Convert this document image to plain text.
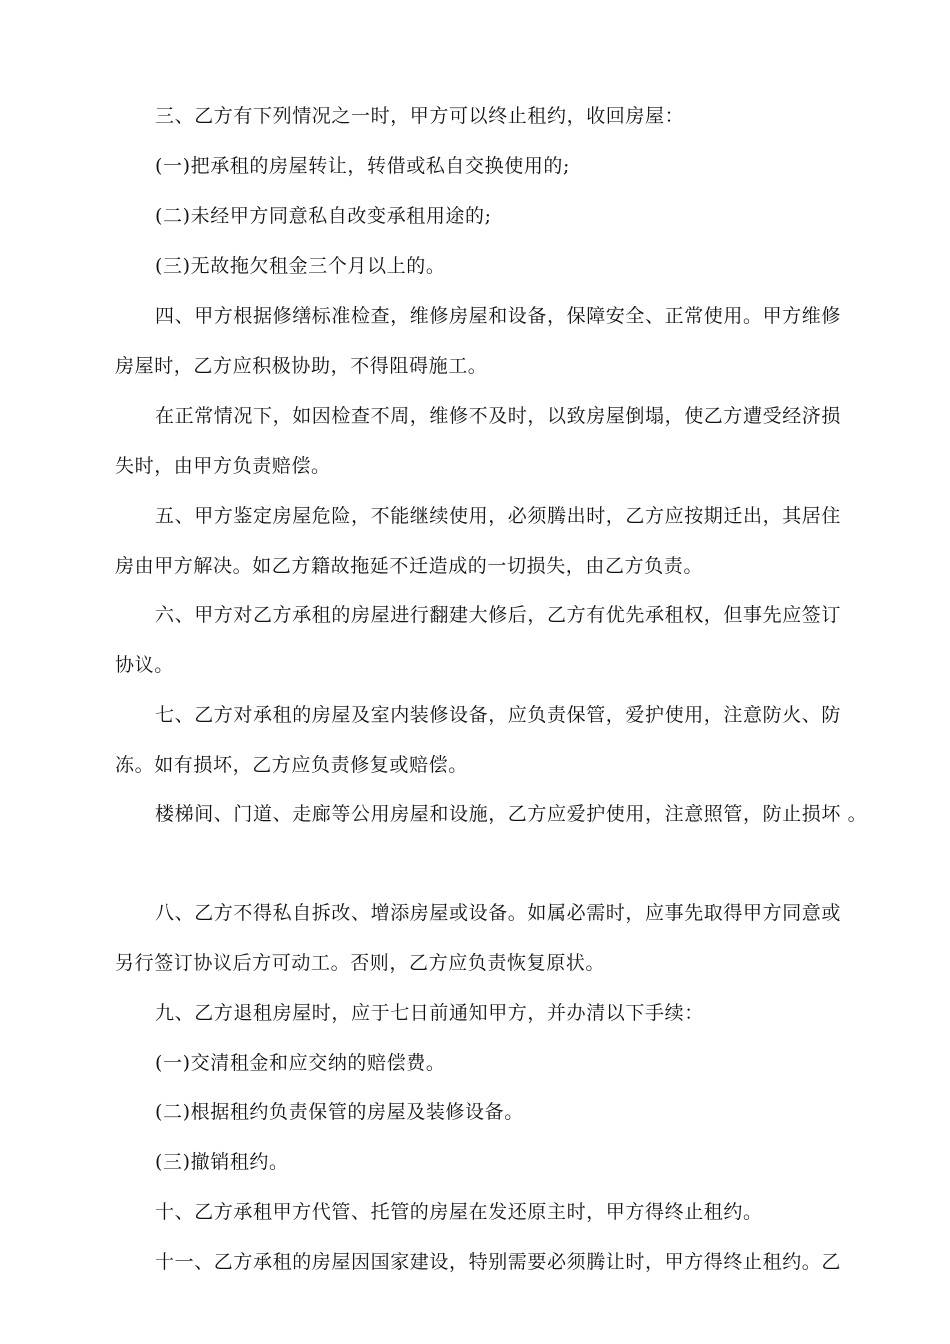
三、乙方有下列情况之一时，甲方可以终止租约，收回房屋：
(一)把承租的房屋转让，转借或私自交换使用的;
(二)未经甲方同意私自改变承租用途的;
(三)无故拖欠租金三个月以上的。
四、甲方根据修缮标准检查，维修房屋和设备，保障安全、正常使用。甲方维修
房屋时，乙方应积极协助，不得阻碍施工。
在正常情况下，如因检查不周，维修不及时，以致房屋倒塌，使乙方遭受经济损
失时，由甲方负责赔偿。
五、甲方鉴定房屋危险，不能继续使用，必须腾出时，乙方应按期迁出，其居住
房由甲方解决。如乙方籍故拖延不迁造成的一切损失，由乙方负责。
六、甲方对乙方承租的房屋进行翻建大修后，乙方有优先承租权，但事先应签订
协议。
七、乙方对承租的房屋及室内装修设备，应负责保管，爱护使用，注意防火、防
冻。如有损坏，乙方应负责修复或赔偿。
楼梯间、门道、走廊等公用房屋和设施，乙方应爱护使用，注意照管，防止损坏 。
八、乙方不得私自拆改、增添房屋或设备。如属必需时，应事先取得甲方同意或
另行签订协议后方可动工。否则，乙方应负责恢复原状。
九、乙方退租房屋时，应于七日前通知甲方，并办清以下手续：
(一)交清租金和应交纳的赔偿费。
(二)根据租约负责保管的房屋及装修设备。
(三)撤销租约。
十、乙方承租甲方代管、托管的房屋在发还原主时，甲方得终止租约。
十一、乙方承租的房屋因国家建设，特别需要必须腾让时，甲方得终止租约。乙
